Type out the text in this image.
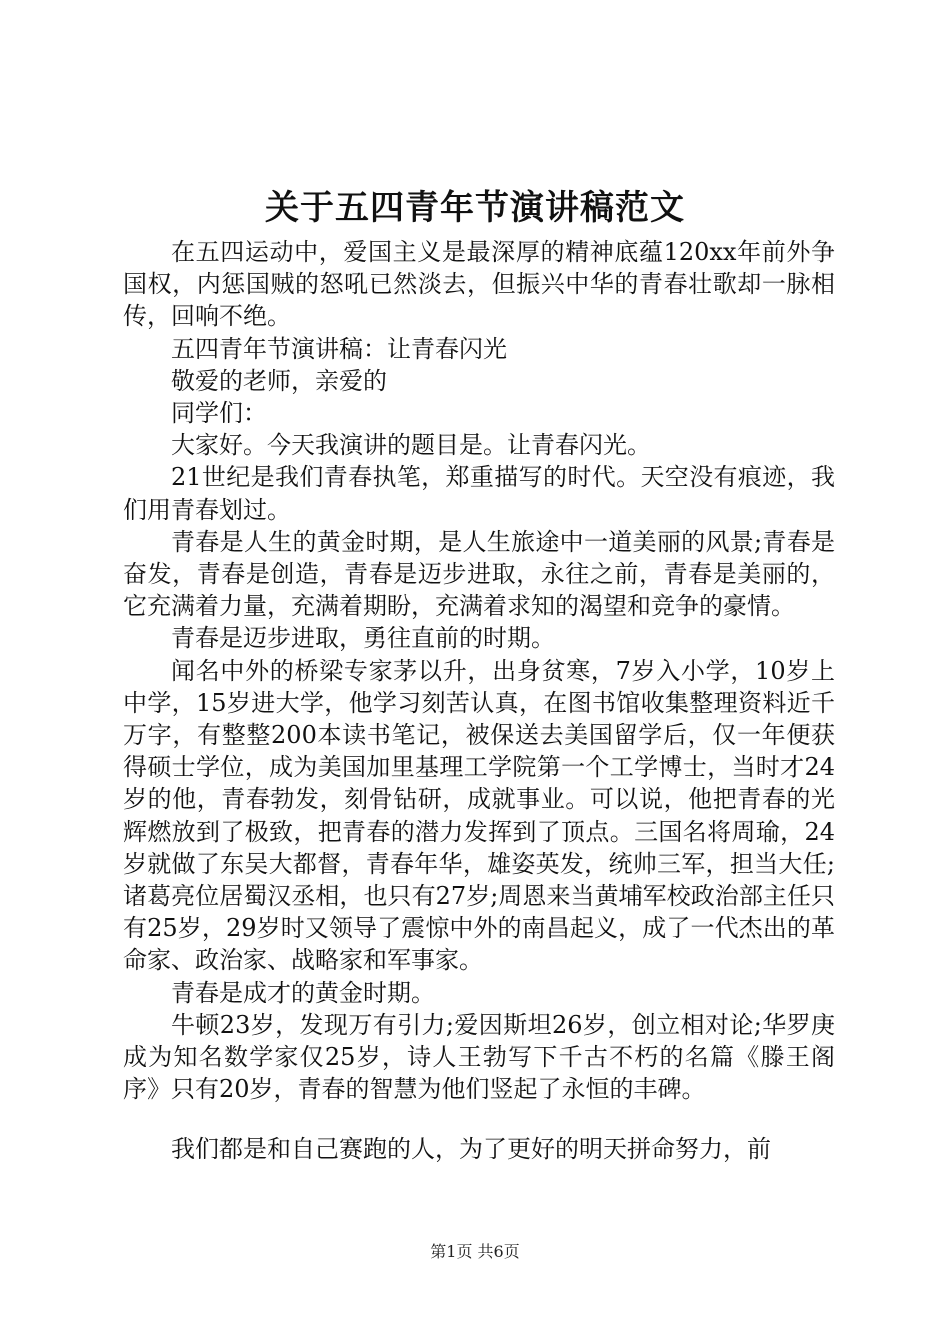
关于五四青年节演讲稿范文

在五四运动中，爱国主义是最深厚的精神底蕴120xx年前外争国权，内惩国贼的怒吼已然淡去，但振兴中华的青春壮歌却一脉相传，回响不绝。

五四青年节演讲稿：让青春闪光

敬爱的老师，亲爱的

同学们：

大家好。今天我演讲的题目是。让青春闪光。

21世纪是我们青春执笔，郑重描写的时代。天空没有痕迹，我们用青春划过。

青春是人生的黄金时期，是人生旅途中一道美丽的风景;青春是奋发，青春是创造，青春是迈步进取，永往之前，青春是美丽的，它充满着力量，充满着期盼，充满着求知的渴望和竞争的豪情。

青春是迈步进取，勇往直前的时期。

闻名中外的桥梁专家茅以升，出身贫寒，7岁入小学，10岁上中学，15岁进大学，他学习刻苦认真，在图书馆收集整理资料近千万字，有整整200本读书笔记，被保送去美国留学后，仅一年便获得硕士学位，成为美国加里基理工学院第一个工学博士，当时才24岁的他，青春勃发，刻骨钻研，成就事业。可以说，他把青春的光辉燃放到了极致，把青春的潜力发挥到了顶点。三国名将周瑜，24岁就做了东吴大都督，青春年华，雄姿英发，统帅三军，担当大任;诸葛亮位居蜀汉丞相，也只有27岁;周恩来当黄埔军校政治部主任只有25岁，29岁时又领导了震惊中外的南昌起义，成了一代杰出的革命家、政治家、战略家和军事家。

青春是成才的黄金时期。

牛顿23岁，发现万有引力;爱因斯坦26岁，创立相对论;华罗庚成为知名数学家仅25岁，诗人王勃写下千古不朽的名篇《滕王阁序》只有20岁，青春的智慧为他们竖起了永恒的丰碑。

我们都是和自己赛跑的人，为了更好的明天拼命努力，前

第1页 共6页
